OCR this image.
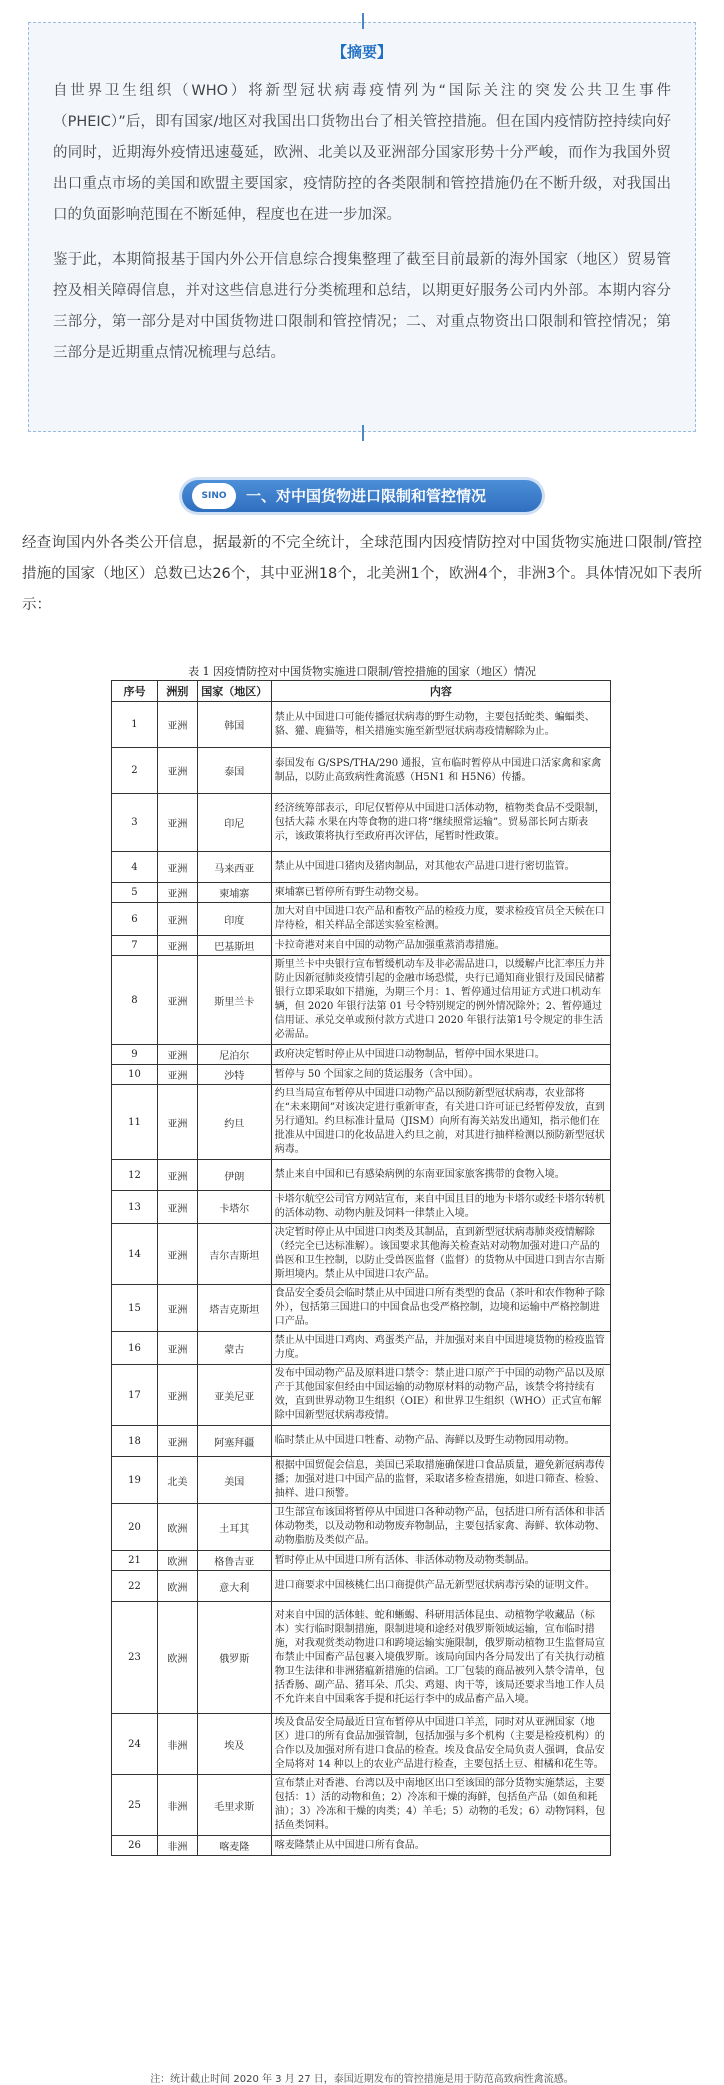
【摘要】

自世界卫生组织（WHO）将新型冠状病毒疫情列为“国际关注的突发公共卫生事件（PHEIC）”后，即有国家/地区对我国出口货物出台了相关管控措施。但在国内疫情防控持续向好的同时，近期海外疫情迅速蔓延，欧洲、北美以及亚洲部分国家形势十分严峻，而作为我国外贸出口重点市场的美国和欧盟主要国家，疫情防控的各类限制和管控措施仍在不断升级，对我国出口的负面影响范围在不断延伸，程度也在进一步加深。

鉴于此，本期简报基于国内外公开信息综合搜集整理了截至目前最新的海外国家（地区）贸易管控及相关障碍信息，并对这些信息进行分类梳理和总结，以期更好服务公司内外部。本期内容分三部分，第一部分是对中国货物进口限制和管控情况；二、对重点物资出口限制和管控情况；第三部分是近期重点情况梳理与总结。

SINO	一、对中国货物进口限制和管控情况

经查询国内外各类公开信息，据最新的不完全统计，全球范围内因疫情防控对中国货物实施进口限制/管控措施的国家（地区）总数已达26个，其中亚洲18个，北美洲1个，欧洲4个，非洲3个。具体情况如下表所示：

表 1 因疫情防控对中国货物实施进口限制/管控措施的国家（地区）情况
序号	洲别	国家（地区）	内容
1	亚洲	韩国	禁止从中国进口可能传播冠状病毒的野生动物，主要包括蛇类、蝙蝠类、貉、獾、鹿猫等，相关措施实施至新型冠状病毒疫情解除为止。
2	亚洲	泰国	泰国发布 G/SPS/THA/290 通报，宣布临时暂停从中国进口活家禽和家禽制品，以防止高致病性禽流感（H5N1 和 H5N6）传播。
3	亚洲	印尼	经济统筹部表示，印尼仅暂停从中国进口活体动物，植物类食品不受限制，包括大蒜 水果在内等食物的进口将“继续照常运输”。贸易部长阿古斯表示，该政策将执行至政府再次评估，尾暂时性政策。
4	亚洲	马来西亚	禁止从中国进口猪肉及猪肉制品，对其他农产品进口进行密切监管。
5	亚洲	柬埔寨	柬埔寨已暂停所有野生动物交易。
6	亚洲	印度	加大对自中国进口农产品和畜牧产品的检疫力度，要求检疫官员全天候在口岸待检，相关样品全部送实验室检测。
7	亚洲	巴基斯坦	卡拉奇港对来自中国的动物产品加强重蒸消毒措施。
8	亚洲	斯里兰卡	斯里兰卡中央银行宣布暂缓机动车及非必需品进口，以缓解卢比汇率压力并防止因新冠肺炎疫情引起的金融市场恐慌，央行已通知商业银行及国民储蓄银行立即采取如下措施，为期三个月：1、暂停通过信用证方式进口机动车辆，但 2020 年银行法第 01 号令特别规定的例外情况除外；2、暂停通过信用证、承兑交单或预付款方式进口 2020 年银行法第1号令规定的非生活必需品。
9	亚洲	尼泊尔	政府决定暂时停止从中国进口动物制品，暂停中国水果进口。
10	亚洲	沙特	暂停与 50 个国家之间的货运服务（含中国）。
11	亚洲	约旦	约旦当局宣布暂停从中国进口动物产品以预防新型冠状病毒，农业部将在“未来期间”对该决定进行重新审查，有关进口许可证已经暂停发放，直到另行通知。约旦标准计量局（JISM）向所有海关站发出通知，指示他们在批准从中国进口的化妆品进入约旦之前，对其进行抽样检测以预防新型冠状病毒。
12	亚洲	伊朗	禁止来自中国和已有感染病例的东南亚国家旅客携带的食物入境。
13	亚洲	卡塔尔	卡塔尔航空公司官方网站宣布，来自中国且目的地为卡塔尔或经卡塔尔转机的活体动物、动物内脏及饲料一律禁止入境。
14	亚洲	吉尔吉斯坦	决定暂时停止从中国进口肉类及其制品，直到新型冠状病毒肺炎疫情解除（经完全已达标准解）。该国要求其他海关检查站对动物加强对进口产品的兽医和卫生控制，以防止受兽医监督（监督）的货物从中国进口到吉尔吉斯斯坦境内。禁止从中国进口农产品。
15	亚洲	塔吉克斯坦	食品安全委员会临时禁止从中国进口所有类型的食品（茶叶和农作物种子除外），包括第三国进口的中国食品也受严格控制，边境和运输中严格控制进口产品。
16	亚洲	蒙古	禁止从中国进口鸡肉、鸡蛋类产品，并加强对来自中国进境货物的检疫监管力度。
17	亚洲	亚美尼亚	发布中国动物产品及原料进口禁令：禁止进口原产于中国的动物产品以及原产于其他国家但经由中国运输的动物原材料的动物产品，该禁令将持续有效，直到世界动物卫生组织（OIE）和世界卫生组织（WHO）正式宣布解除中国新型冠状病毒疫情。
18	亚洲	阿塞拜疆	临时禁止从中国进口牲畜、动物产品、海鲜以及野生动物园用动物。
19	北美	美国	根据中国贸促会信息，美国已采取措施确保进口食品质量，避免新冠病毒传播；加强对进口中国产品的监督，采取诸多检查措施，如进口筛查、检验、抽样、进口预警。
20	欧洲	土耳其	卫生部宣布该国将暂停从中国进口各种动物产品，包括进口所有活体和非活体动物类，以及动物和动物废弃物制品，主要包括家禽、海鲜、软体动物、动物脂肪及类似产品。
21	欧洲	格鲁吉亚	暂时停止从中国进口所有活体、非活体动物及动物类制品。
22	欧洲	意大利	进口商要求中国核桃仁出口商提供产品无新型冠状病毒污染的证明文件。
23	欧洲	俄罗斯	对来自中国的活体蛙、蛇和蜥蜴、科研用活体昆虫、动植物学收藏品（标本）实行临时限制措施，限制进境和途经对俄罗斯领域运输，宣布临时措施，对我观赏类动物进口和跨境运输实施限制，俄罗斯动植物卫生监督局宣布禁止中国畜产品包裹入境俄罗斯。该局向国内各分局发出了有关执行动植物卫生法律和非洲猪瘟新措施的信函。工厂包装的商品被列入禁令清单，包括香肠、副产品、猪耳朵、爪尖、鸡翅、肉干等，该局还要求当地工作人员不允许来自中国乘客手提和托运行李中的成品畜产品入境。
24	非洲	埃及	埃及食品安全局最近日宣布暂停从中国进口羊羔，同时对从亚洲国家（地区）进口的所有食品加强管制，包括加强与多个机构（主要是检疫机构）的合作以及加强对所有进口食品的检查。埃及食品安全局负责人强调，食品安全局将对 14 种以上的农业产品进行检查，主要包括土豆、柑橘和花生等。
25	非洲	毛里求斯	宣布禁止对香港、台湾以及中南地区出口至该国的部分货物实施禁运，主要包括：1）活的动物和鱼；2）冷冻和干燥的海鲜，包括鱼产品（如鱼和耗油）；3）冷冻和干燥的肉类；4）羊毛；5）动物的毛发；6）动物饲料，包括鱼类饲料。
26	非洲	喀麦隆	喀麦隆禁止从中国进口所有食品。
注：统计截止时间 2020 年 3 月 27 日，泰国近期发布的管控措施是用于防范高致病性禽流感。
